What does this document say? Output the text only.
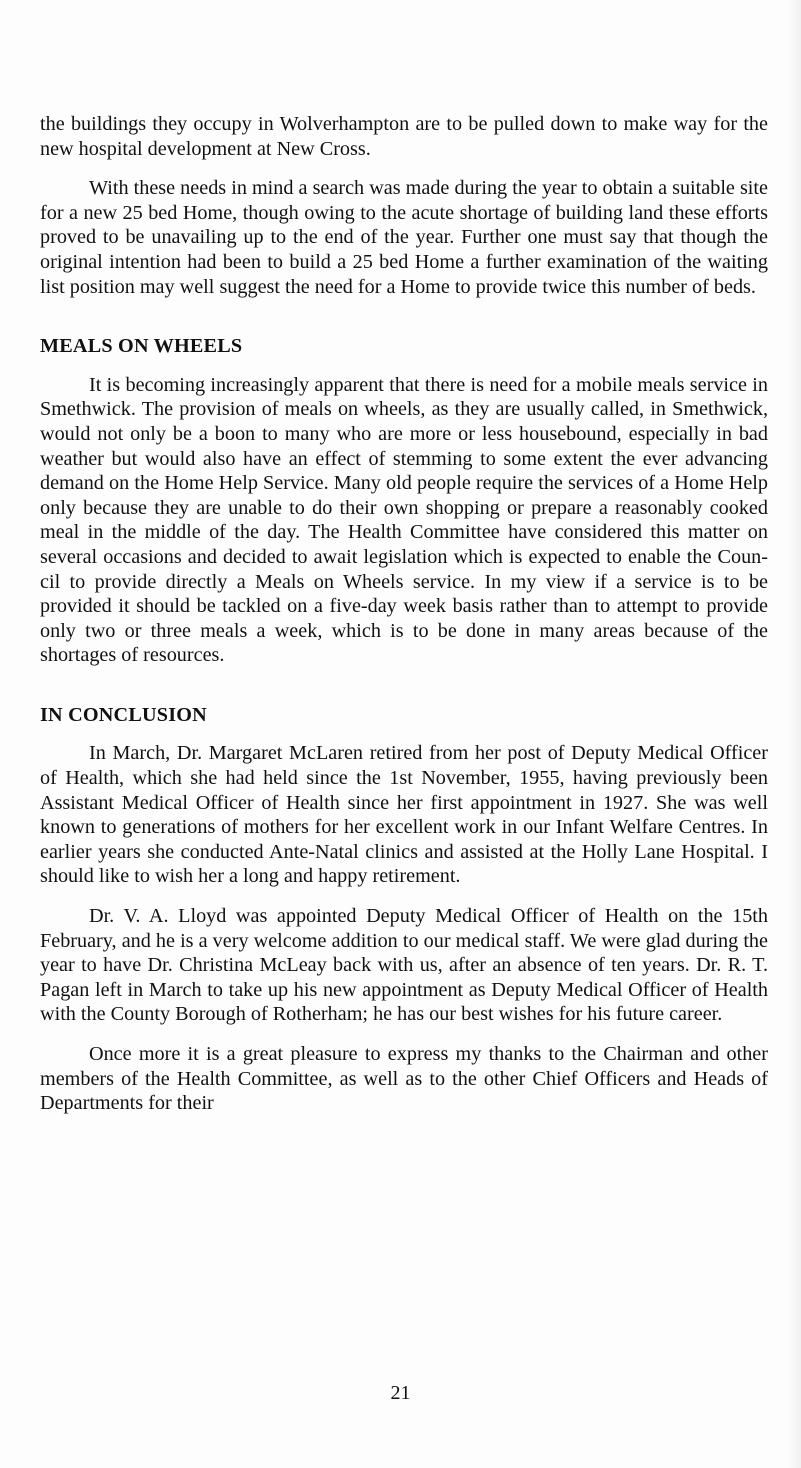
the buildings they occupy in Wolverhampton are to be pulled down to make way for the new hospital development at New Cross.

With these needs in mind a search was made during the year to obtain a suitable site for a new 25 bed Home, though owing to the acute shortage of building land these efforts proved to be unavailing up to the end of the year. Further one must say that though the original intention had been to build a 25 bed Home a further examination of the waiting list position may well suggest the need for a Home to provide twice this number of beds.

MEALS ON WHEELS

It is becoming increasingly apparent that there is need for a mobile meals service in Smethwick. The provision of meals on wheels, as they are usually called, in Smethwick, would not only be a boon to many who are more or less housebound, especially in bad weather but would also have an effect of stemming to some extent the ever advancing demand on the Home Help Service. Many old people require the services of a Home Help only because they are unable to do their own shopping or prepare a reasonably cooked meal in the middle of the day. The Health Committee have considered this matter on several occasions and decided to await legislation which is expected to enable the Council to provide directly a Meals on Wheels service. In my view if a service is to be provided it should be tackled on a five-day week basis rather than to attempt to provide only two or three meals a week, which is to be done in many areas because of the shortages of resources.

IN CONCLUSION

In March, Dr. Margaret McLaren retired from her post of Deputy Medical Officer of Health, which she had held since the 1st November, 1955, having previously been Assistant Medical Officer of Health since her first appointment in 1927. She was well known to generations of mothers for her excellent work in our Infant Welfare Centres. In earlier years she conducted Ante-Natal clinics and assisted at the Holly Lane Hospital. I should like to wish her a long and happy retirement.

Dr. V. A. Lloyd was appointed Deputy Medical Officer of Health on the 15th February, and he is a very welcome addition to our medical staff. We were glad during the year to have Dr. Christina McLeay back with us, after an absence of ten years. Dr. R. T. Pagan left in March to take up his new appointment as Deputy Medical Officer of Health with the County Borough of Rotherham; he has our best wishes for his future career.

Once more it is a great pleasure to express my thanks to the Chairman and other members of the Health Committee, as well as to the other Chief Officers and Heads of Departments for their

21
